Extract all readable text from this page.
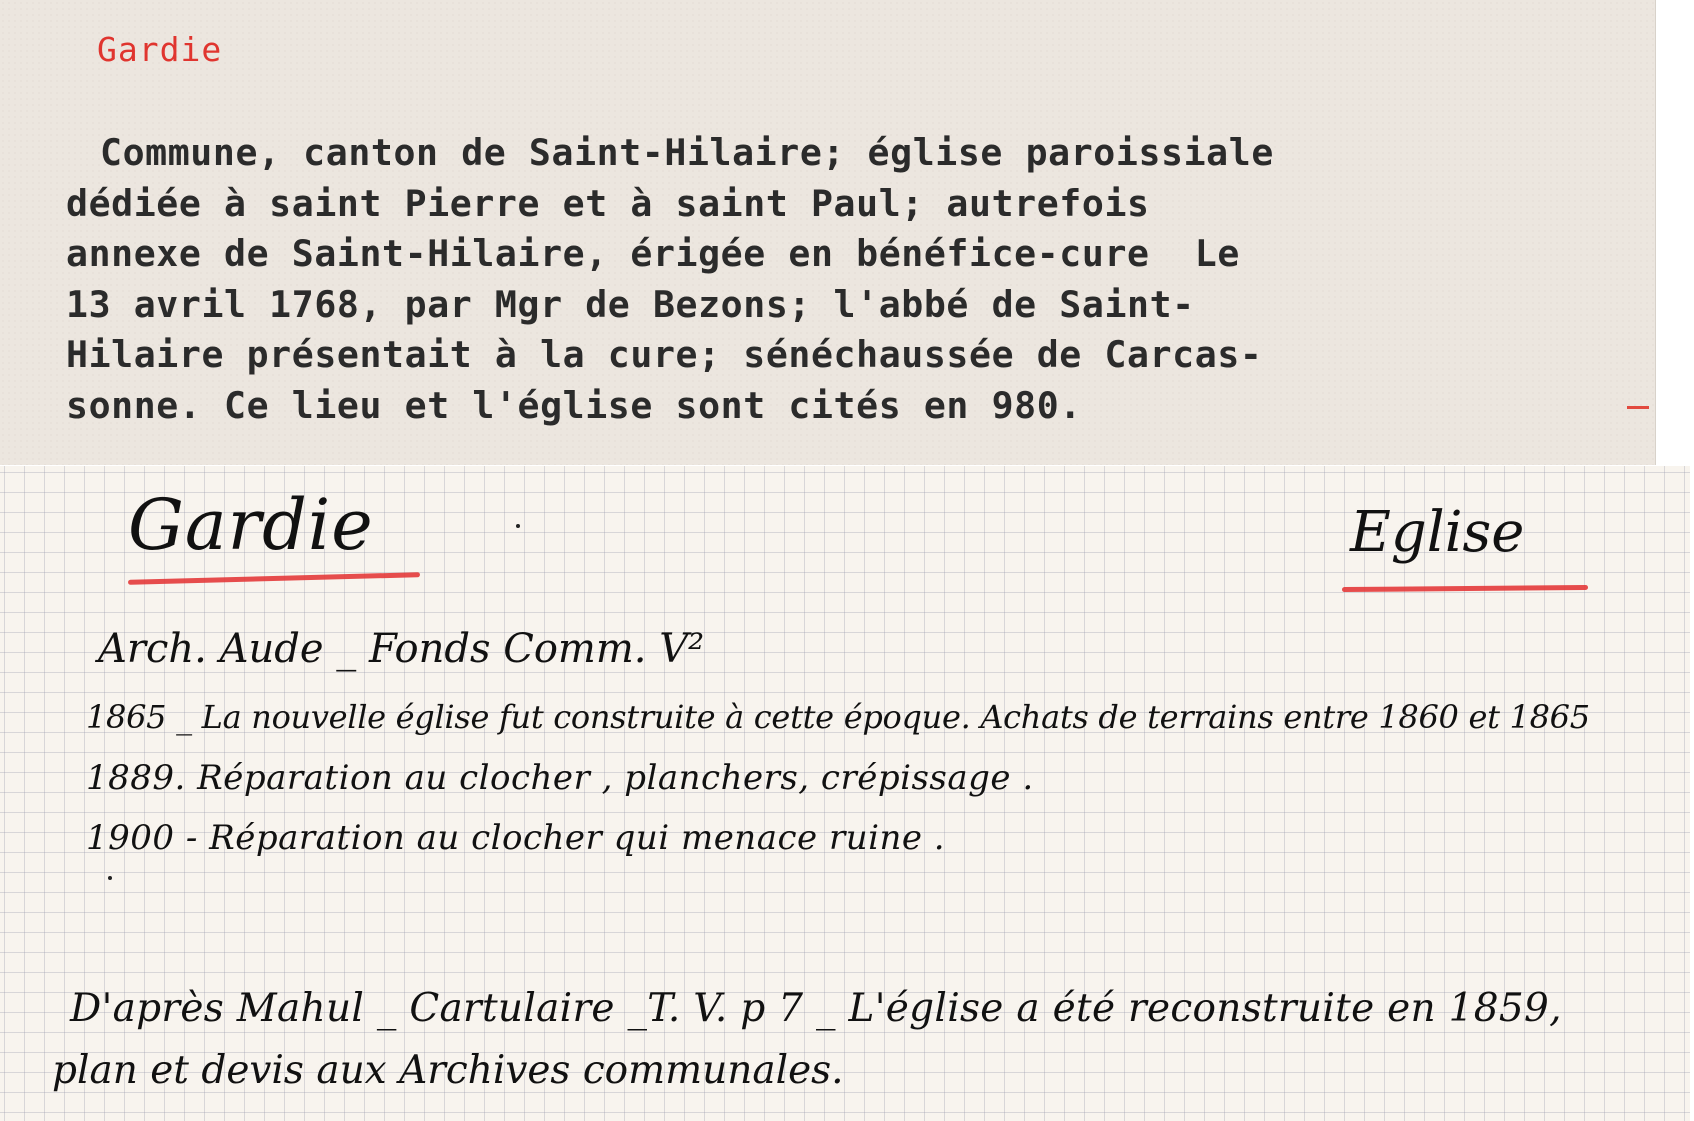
Gardie
Commune, canton de Saint-Hilaire; église paroissiale
dédiée à saint Pierre et à saint Paul; autrefois
annexe de Saint-Hilaire, érigée en bénéfice-cure  Le
13 avril 1768, par Mgr de Bezons; l'abbé de Saint-
Hilaire présentait à la cure; sénéchaussée de Carcas-
sonne. Ce lieu et l'église sont cités en 980.
Gardie	Eglise
Arch. Aude _ Fonds Comm. V²
1865 _ La nouvelle église fut construite à cette époque. Achats de terrains entre 1860 et 1865
1889. Réparation au clocher , planchers, crépissage .
1900 - Réparation au clocher qui menace ruine .
D'après Mahul _ Cartulaire _T. V. p 7 _ L'église a été reconstruite en 1859,
plan et devis aux Archives communales.
